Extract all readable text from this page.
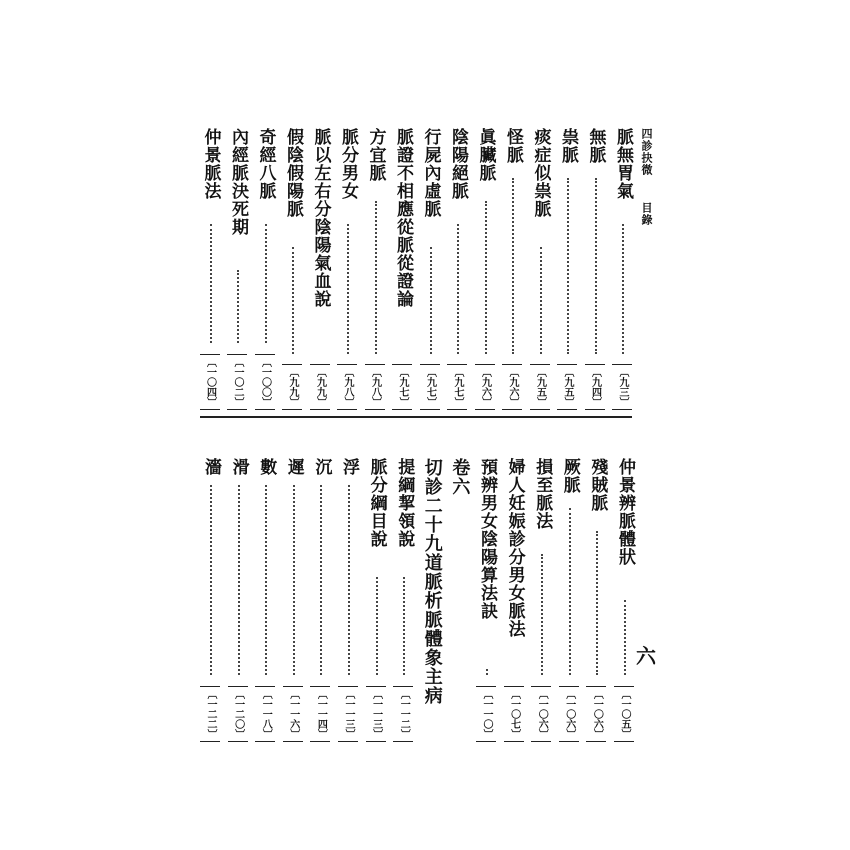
四診抉微
目錄
六
脈無胃氣
〔九三〕
無脈
〔九四〕
祟脈
〔九五〕
痰症似祟脈
〔九五〕
怪脈
〔九六〕
眞臟脈
〔九六〕
陰陽絕脈
〔九七〕
行屍內虛脈
〔九七〕
脈證不相應從脈從證論
〔九七〕
方宜脈
〔九八〕
脈分男女
〔九八〕
脈以左右分陰陽氣血說
〔九九〕
假陰假陽脈
〔九九〕
奇經八脈
〔一〇〇〕
內經脈決死期
〔一〇二〕
仲景脈法
〔一〇四〕
仲景辨脈體狀
〔一〇五〕
殘賊脈
〔一〇六〕
厥脈
〔一〇六〕
損至脈法
〔一〇六〕
婦人妊娠診分男女脈法
〔一〇七〕
預辨男女陰陽算法訣
〔一一〇〕
卷六
切診二十九道脈析脈體象主病
提綱挈領說
〔一一二〕
脈分綱目說
〔一一三〕
浮
〔一一三〕
沉
〔一一四〕
遲
〔一一六〕
數
〔一一八〕
滑
〔一二〇〕
濇
〔一二二〕
